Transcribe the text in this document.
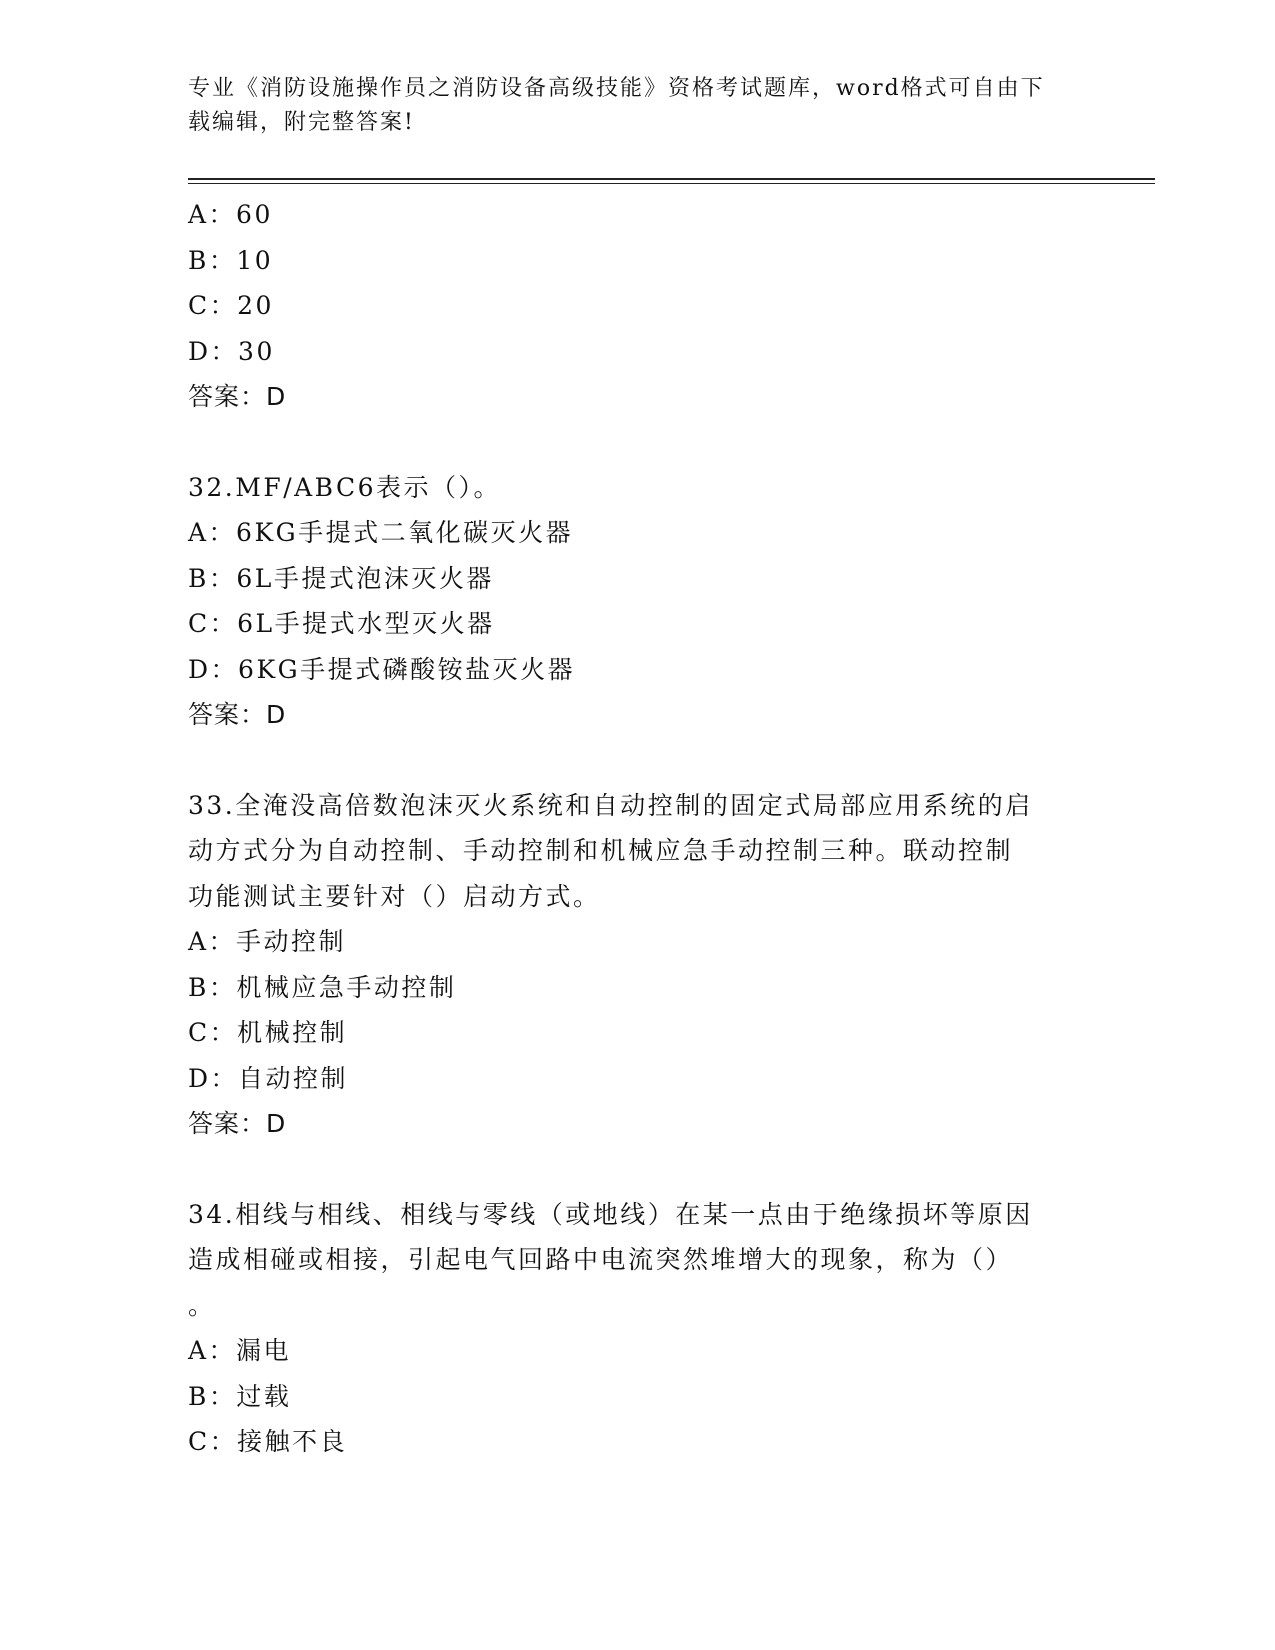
专业《消防设施操作员之消防设备高级技能》资格考试题库，word格式可自由下
载编辑，附完整答案!
A：60
B：10
C：20
D：30
答案：D
32.MF/ABC6表示（）。
A：6KG手提式二氧化碳灭火器
B：6L手提式泡沫灭火器
C：6L手提式水型灭火器
D：6KG手提式磷酸铵盐灭火器
答案：D
33.全淹没高倍数泡沫灭火系统和自动控制的固定式局部应用系统的启
动方式分为自动控制、手动控制和机械应急手动控制三种。联动控制
功能测试主要针对（）启动方式。
A：手动控制
B：机械应急手动控制
C：机械控制
D：自动控制
答案：D
34.相线与相线、相线与零线（或地线）在某一点由于绝缘损坏等原因
造成相碰或相接，引起电气回路中电流突然堆增大的现象，称为（）
。
A：漏电
B：过载
C：接触不良
